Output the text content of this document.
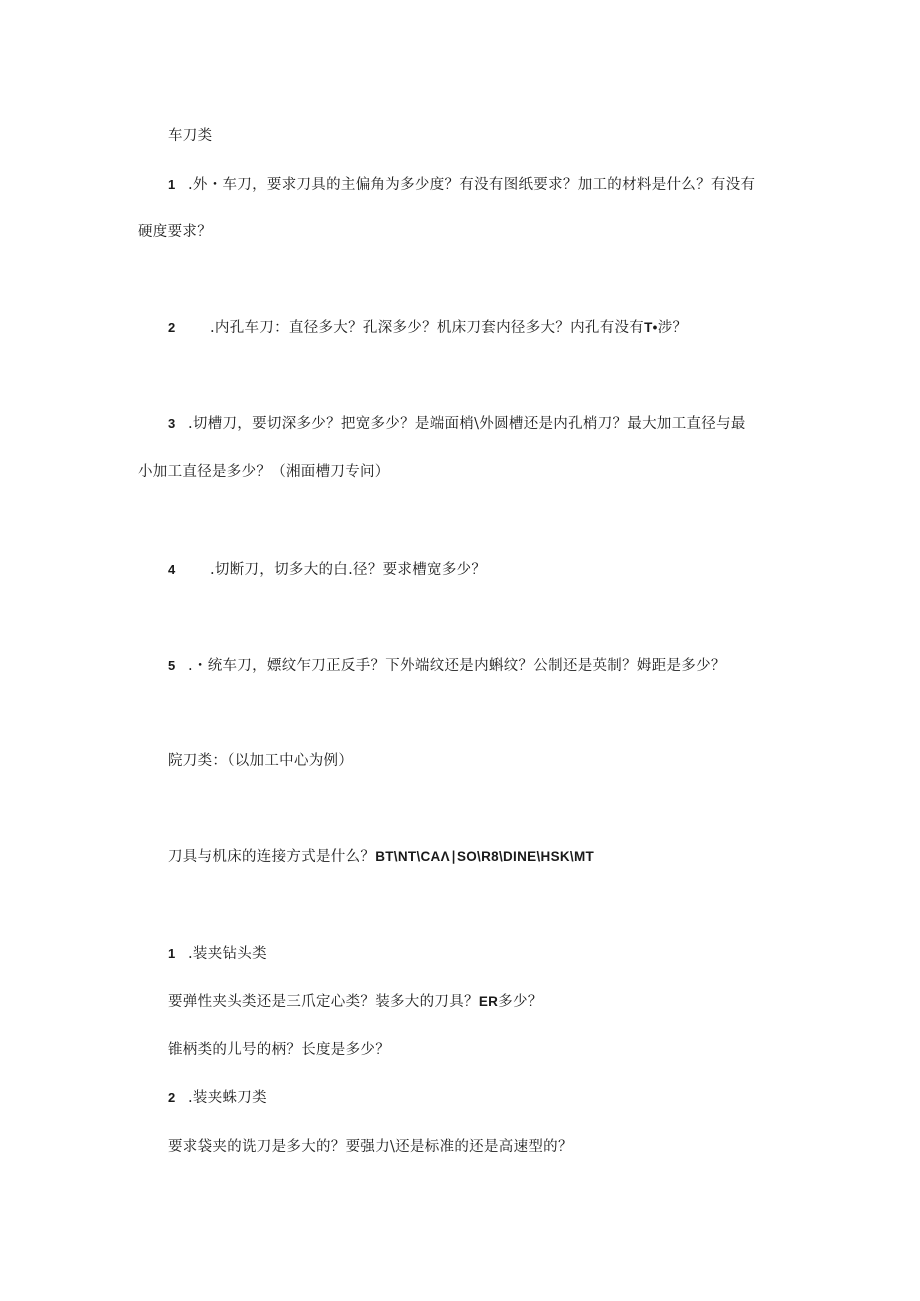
车刀类
1 .外・车刀，要求刀具的主偏角为多少度？有没有图纸要求？加工的材料是什么？有没有
硬度要求？
2 .内孔车刀：直径多大？孔深多少？机床刀套内径多大？内孔有没有T•涉？
3 .切槽刀，要切深多少？把宽多少？是端面梢\外圆槽还是内孔梢刀？最大加工直径与最
小加工直径是多少？（湘面槽刀专问）
4 .切断刀，切多大的白.径？要求槽宽多少？
5 .・统车刀，嫖纹乍刀正反手？下外端纹还是内蝌纹？公制还是英制？姆距是多少？
院刀类：（以加工中心为例）
刀具与机床的连接方式是什么？BT\NT\CAΛ∣SO\R8\DINE\HSK\MT
1 .装夹钻头类
要弹性夹头类还是三爪定心类？装多大的刀具？ER多少？
锥柄类的儿号的柄？长度是多少？
2 .装夹蛛刀类
要求袋夹的诜刀是多大的？要强力\还是标准的还是高速型的？
